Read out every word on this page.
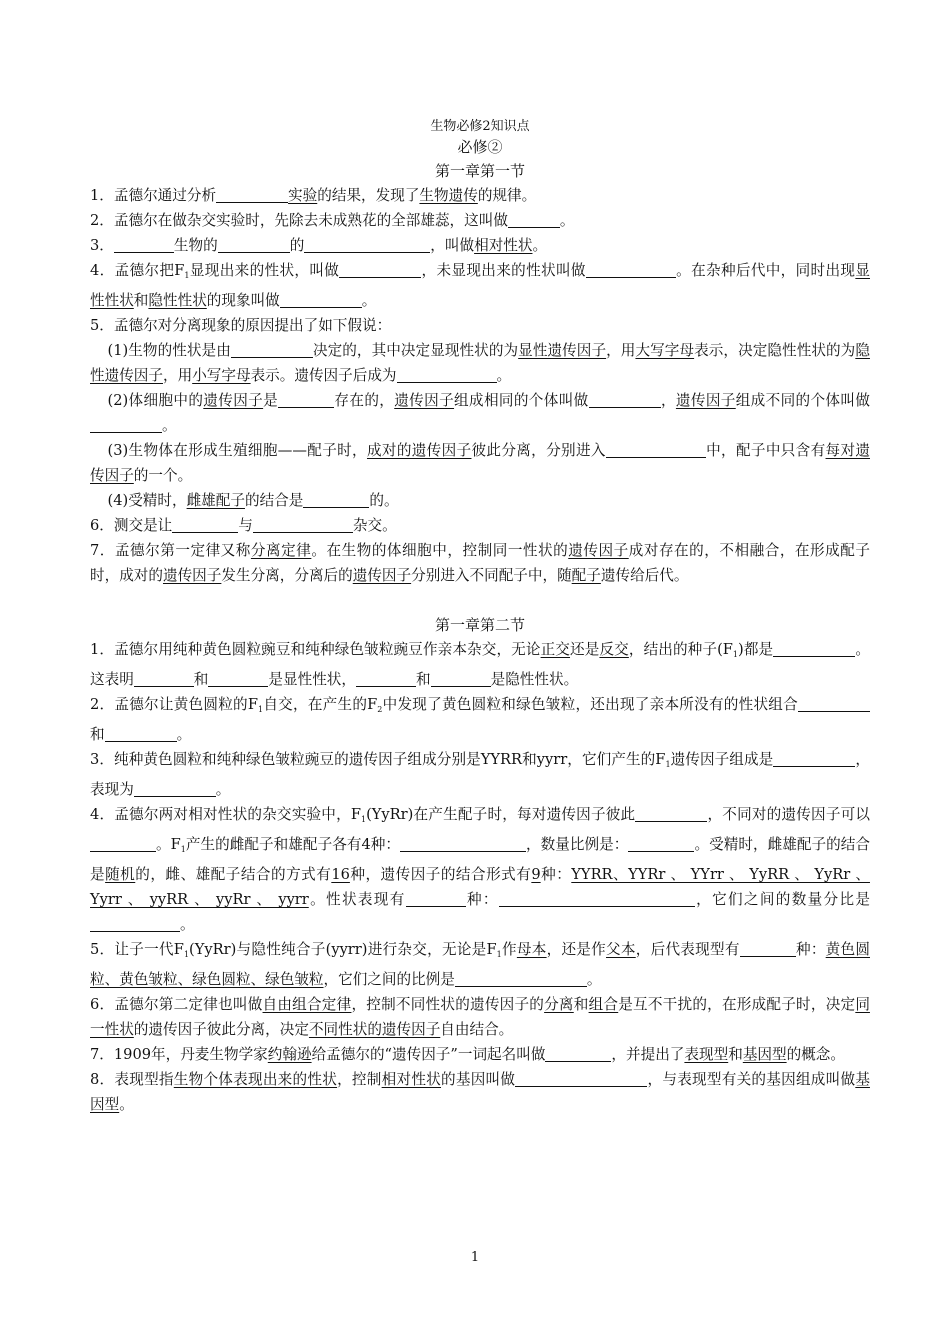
生物必修2知识点
必修②
第一章第一节

1．孟德尔通过分析	实验的结果，发现了生物遗传的规律。

2．孟德尔在做杂交实验时，先除去未成熟花的全部雄蕊，这叫做	。

3．	生物的	的	，叫做相对性状。

4．孟德尔把$F_1$显现出来的性状，叫做	，未显现出来的性状叫做	。在杂种后代中，同时出现显性性状和隐性性状的现象叫做	。

5．孟德尔对分离现象的原因提出了如下假说：

(1)生物的性状是由	决定的，其中决定显现性状的为显性遗传因子，用大写字母表示，决定隐性性状的为隐性遗传因子，用小写字母表示。遗传因子后成为	。

(2)体细胞中的遗传因子是	存在的，遗传因子组成相同的个体叫做	，遗传因子组成不同的个体叫做。

(3)生物体在形成生殖细胞——配子时，成对的遗传因子彼此分离，分别进入	中，配子中只含有每对遗传因子的一个。

(4)受精时，雌雄配子的结合是	的。

6．测交是让	与	杂交。

7．孟德尔第一定律又称分离定律。在生物的体细胞中，控制同一性状的遗传因子成对存在的，不相融合，在形成配子时，成对的遗传因子发生分离，分离后的遗传因子分别进入不同配子中，随配子遗传给后代。

第一章第二节

1．孟德尔用纯种黄色圆粒豌豆和纯种绿色皱粒豌豆作亲本杂交，无论正交还是反交，结出的种子$(F_1)$都是	。这表明	和	是显性性状，	和	是隐性性状。

2．孟德尔让黄色圆粒的$F_1$自交，在产生的$F_2$中发现了黄色圆粒和绿色皱粒，还出现了亲本所没有的性状组合和	。

3．纯种黄色圆粒和纯种绿色皱粒豌豆的遗传因子组成分别是YYRR和yyrr，它们产生的$F_1$遗传因子组成是	，表现为	。

4．孟德尔两对相对性状的杂交实验中，$F_1(YyRr)$在产生配子时，每对遗传因子彼此	，不同对的遗传因子可以。$F_1$产生的雌配子和雄配子各有4种：	，数量比例是：	。受精时，雌雄配子的结合是随机的，雌、雄配子结合的方式有16种，遗传因子的结合形式有9种：YYRR、YYRr 、 YYrr 、 YyRR 、 YyRr 、 Yyrr 、 yyRR 、 yyRr 、 yyrr。性状表现有	种：	，它们之间的数量分比是。

5．让子一代$F_1(YyRr)$与隐性纯合子(yyrr)进行杂交，无论是$F_1$作母本，还是作父本，后代表现型有	种：黄色圆粒、黄色皱粒、绿色圆粒、绿色皱粒，它们之间的比例是	。

6．孟德尔第二定律也叫做自由组合定律，控制不同性状的遗传因子的分离和组合是互不干扰的，在形成配子时，决定同一性状的遗传因子彼此分离，决定不同性状的遗传因子自由结合。

7．1909年，丹麦生物学家约翰逊给孟德尔的“遗传因子”一词起名叫做	，并提出了表现型和基因型的概念。

8．表现型指生物个体表现出来的性状，控制相对性状的基因叫做	，与表现型有关的基因组成叫做基因型。

1
